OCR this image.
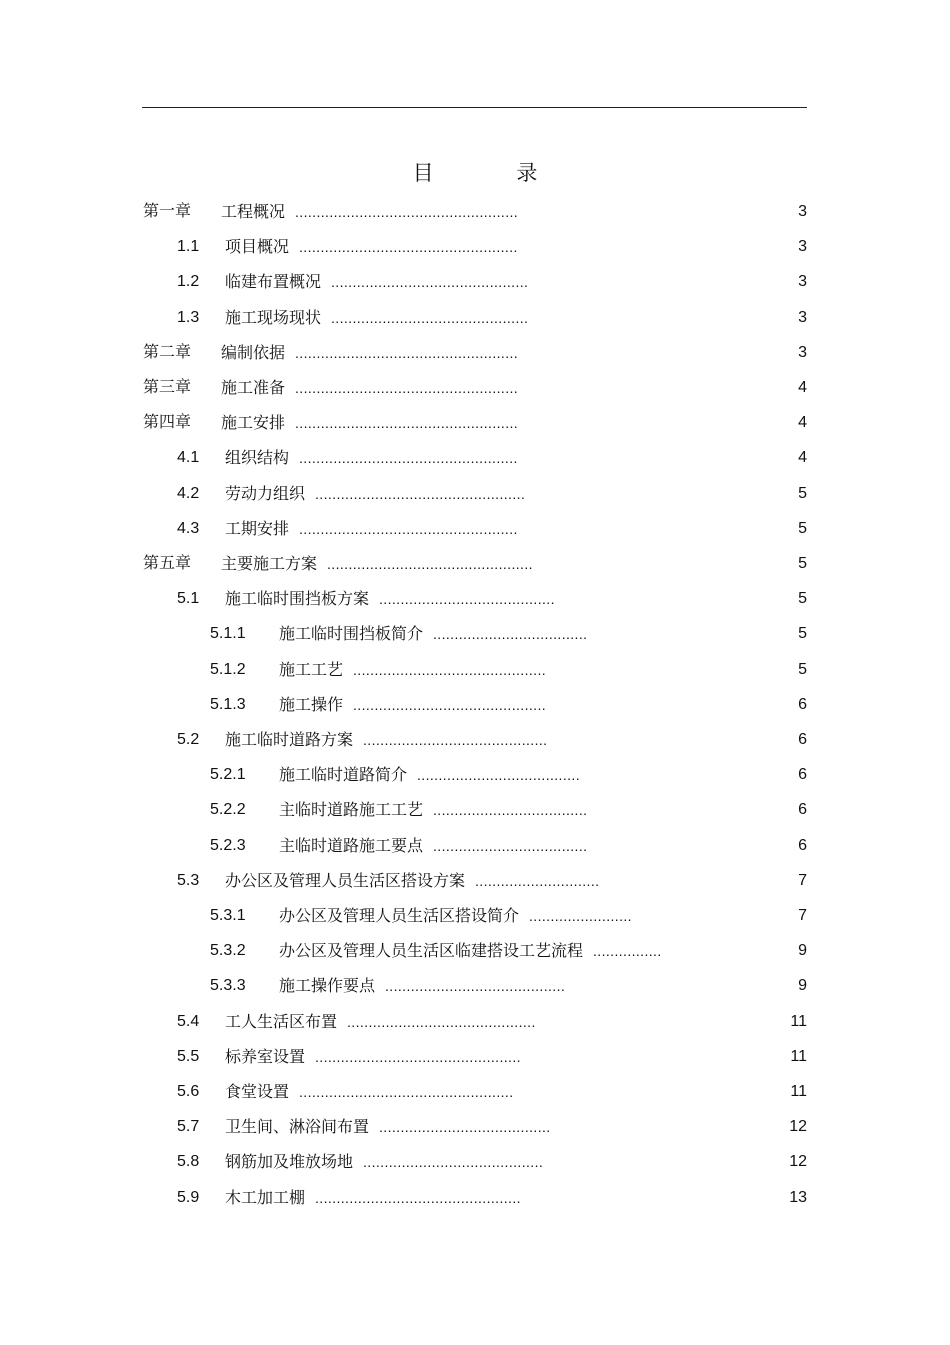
目 录
第一章 工程概况 ....................................................	3
1.1 项目概况 ...................................................	3
1.2 临建布置概况 ..............................................	3
1.3 施工现场现状 ..............................................	3
第二章 编制依据 ....................................................	3
第三章 施工准备 ....................................................	4
第四章 施工安排 ....................................................	4
4.1 组织结构 ...................................................	4
4.2 劳动力组织 .................................................	5
4.3 工期安排 ...................................................	5
第五章 主要施工方案 ................................................	5
5.1 施工临时围挡板方案 .........................................	5
5.1.1 施工临时围挡板简介 ....................................	5
5.1.2 施工工艺 .............................................	5
5.1.3 施工操作 .............................................	6
5.2 施工临时道路方案 ...........................................	6
5.2.1 施工临时道路简介 ......................................	6
5.2.2 主临时道路施工工艺 ....................................	6
5.2.3 主临时道路施工要点 ....................................	6
5.3 办公区及管理人员生活区搭设方案 .............................	7
5.3.1 办公区及管理人员生活区搭设简介 ........................	7
5.3.2 办公区及管理人员生活区临建搭设工艺流程 ................	9
5.3.3 施工操作要点 ..........................................	9
5.4 工人生活区布置 ............................................	11
5.5 标养室设置 ................................................	11
5.6 食堂设置 ..................................................	11
5.7 卫生间、淋浴间布置 ........................................	12
5.8 钢筋加及堆放场地 ..........................................	12
5.9 木工加工棚 ................................................	13
